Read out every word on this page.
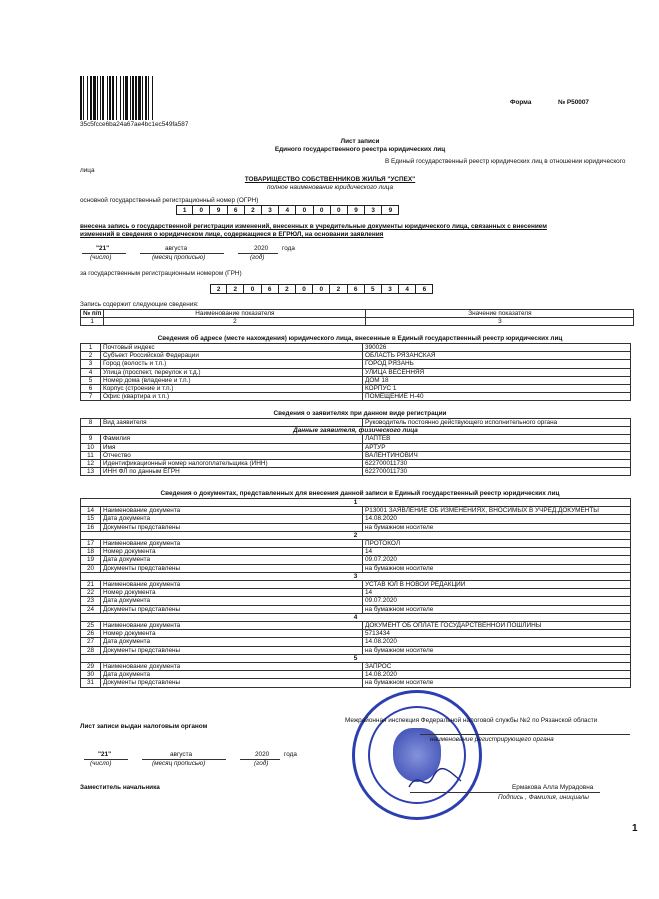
35c5fcce6ba24a67ae4bc1ec549fa587
Форма	№ Р50007
Лист записи
Единого государственного реестра юридических лиц
В Единый государственный реестр юридических лиц в отношении юридического
лица
ТОВАРИЩЕСТВО СОБСТВЕННИКОВ ЖИЛЬЯ "УСПЕХ"
полное наименование юридического лица
основной государственный регистрационный номер (ОГРН)
1	0	9	6	2	3	4	0	0	0	9	3	9
внесена запись о государственной регистрации изменений, внесенных в учредительные документы юридического лица, связанных с внесением
изменений в сведения о юридическом лице, содержащиеся в ЕГРЮЛ, на основании заявления
"21"	августа	2020 года
(число)	(месяц прописью)	(год)
за государственным регистрационным номером (ГРН)
2	2	0	6	2	0	0	2	6	5	3	4	6
Запись содержит следующие сведения:
№ п/п	Наименование показателя	Значение показателя
1	2	3
Сведения об адресе (месте нахождения) юридического лица, внесенные в Единый государственный реестр юридических лиц
1	Почтовый индекс	390026
2	Субъект Российской Федерации	ОБЛАСТЬ РЯЗАНСКАЯ
3	Город (волость и т.п.)	ГОРОД РЯЗАНЬ
4	Улица (проспект, переулок и т.д.)	УЛИЦА ВЕСЕННЯЯ
5	Номер дома (владение и т.п.)	ДОМ 18
6	Корпус (строение и т.п.)	КОРПУС 1
7	Офис (квартира и т.п.)	ПОМЕЩЕНИЕ Н-40
Сведения о заявителях при данном виде регистрации
8	Вид заявителя	Руководитель постоянно действующего исполнительного органа
Данные заявителя, физического лица		
9	Фамилия	ЛАПТЕВ
10	Имя	АРТУР
11	Отчество	ВАЛЕНТИНОВИЧ
12	Идентификационный номер налогоплательщика (ИНН)	622700011730
13	ИНН ФЛ по данным ЕГРН	622700011730
Сведения о документах, представленных для внесения данной записи в Единый государственный реестр юридических лиц
1		
14	Наименование документа	Р13001 ЗАЯВЛЕНИЕ ОБ ИЗМЕНЕНИЯХ, ВНОСИМЫХ В УЧРЕД.ДОКУМЕНТЫ
15	Дата документа	14.08.2020
16	Документы представлены	на бумажном носителе
2		
17	Наименование документа	ПРОТОКОЛ
18	Номер документа	14
19	Дата документа	09.07.2020
20	Документы представлены	на бумажном носителе
3		
21	Наименование документа	УСТАВ ЮЛ В НОВОЙ РЕДАКЦИИ
22	Номер документа	14
23	Дата документа	09.07.2020
24	Документы представлены	на бумажном носителе
4		
25	Наименование документа	ДОКУМЕНТ ОБ ОПЛАТЕ ГОСУДАРСТВЕННОЙ ПОШЛИНЫ
26	Номер документа	5713434
27	Дата документа	14.08.2020
28	Документы представлены	на бумажном носителе
5		
29	Наименование документа	ЗАПРОС
30	Дата документа	14.08.2020
31	Документы представлены	на бумажном носителе
Лист записи выдан налоговым органом
Межрайонная инспекция Федеральной налоговой службы №2 по Рязанской области
наименование регистрирующего органа
"21"	августа	2020 года
(число)	(месяц прописью)	(год)
Заместитель начальника	Ермакова Алла Мурадовна
Подпись , Фамилия, инициалы
1
